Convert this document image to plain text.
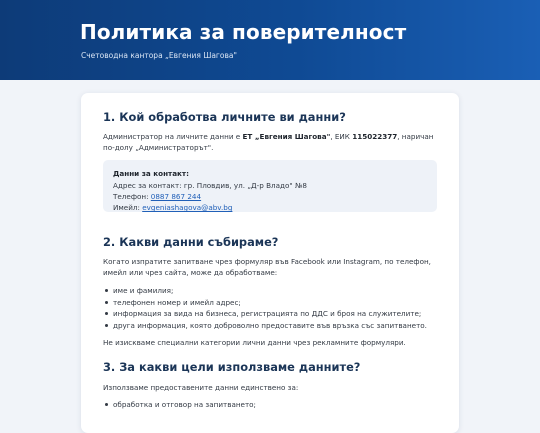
Политика за поверителност

Счетоводна кантора „Евгения Шагова"

1. Кой обработва личните ви данни?

Администратор на личните данни е ЕТ „Евгения Шагова", ЕИК 115022377, наричан по-долу „Администраторът".

Данни за контакт:

Адрес за контакт: гр. Пловдив, ул. „Д-р Владо" №8

Телефон: 0887 867 244

Имейл: evgeniashagova@abv.bg

2. Какви данни събираме?

Когато изпратите запитване чрез формуляр във Facebook или Instagram, по телефон, имейл или чрез сайта, може да обработваме:

име и фамилия;
телефонен номер и имейл адрес;
информация за вида на бизнеса, регистрацията по ДДС и броя на служителите;
друга информация, която доброволно предоставите във връзка със запитването.

Не изискваме специални категории лични данни чрез рекламните формуляри.

3. За какви цели използваме данните?

Използваме предоставените данни единствено за:

обработка и отговор на запитването;
